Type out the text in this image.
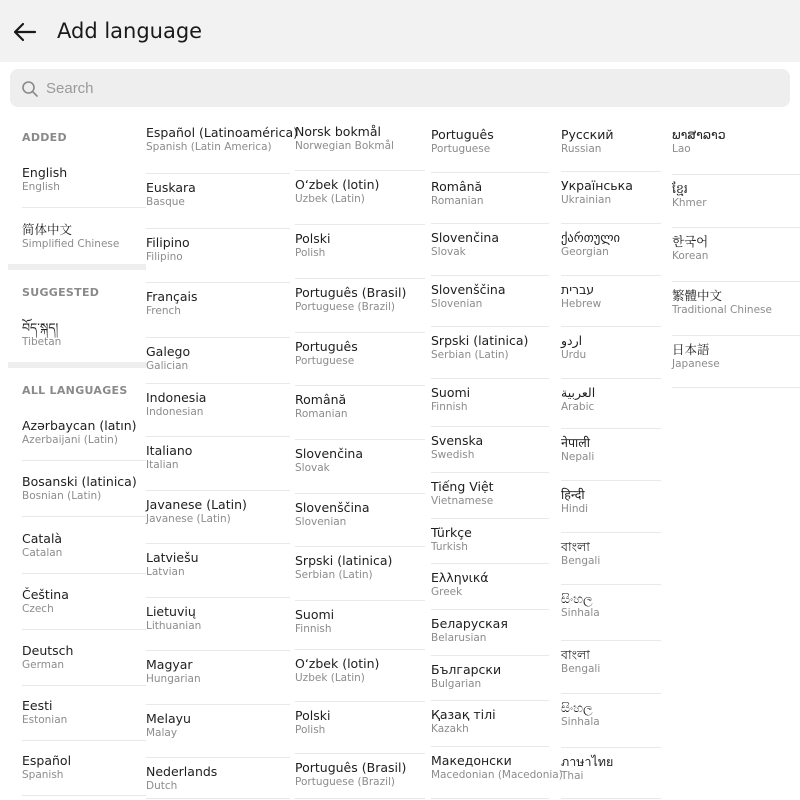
Add language
Search
ADDED
English
English
简体中文
Simplified Chinese
SUGGESTED
བོད་སྐད།
Tibetan
ALL LANGUAGES
Azərbaycan (latın)
Azerbaijani (Latin)
Bosanski (latinica)
Bosnian (Latin)
Català
Catalan
Čeština
Czech
Deutsch
German
Eesti
Estonian
Español
Spanish
Español (Latinoamérica)
Spanish (Latin America)
Euskara
Basque
Filipino
Filipino
Français
French
Galego
Galician
Indonesia
Indonesian
Italiano
Italian
Javanese (Latin)
Javanese (Latin)
Latviešu
Latvian
Lietuvių
Lithuanian
Magyar
Hungarian
Melayu
Malay
Nederlands
Dutch
Norsk bokmål
Norwegian Bokmål
O‘zbek (lotin)
Uzbek (Latin)
Polski
Polish
Português (Brasil)
Portuguese (Brazil)
Português
Portuguese
Română
Romanian
Slovenčina
Slovak
Slovenščina
Slovenian
Srpski (latinica)
Serbian (Latin)
Suomi
Finnish
O‘zbek (lotin)
Uzbek (Latin)
Polski
Polish
Português (Brasil)
Portuguese (Brazil)
Português
Portuguese
Română
Romanian
Slovenčina
Slovak
Slovenščina
Slovenian
Srpski (latinica)
Serbian (Latin)
Suomi
Finnish
Svenska
Swedish
Tiếng Việt
Vietnamese
Türkçe
Turkish
Ελληνικά
Greek
Беларуская
Belarusian
Български
Bulgarian
Қазақ тілі
Kazakh
Македонски
Macedonian (Macedonia)
Русский
Russian
Українська
Ukrainian
ქართული
Georgian
עברית
Hebrew
اردو
Urdu
العربية
Arabic
नेपाली
Nepali
हिन्दी
Hindi
বাংলা
Bengali
සිංහල
Sinhala
বাংলা
Bengali
සිංහල
Sinhala
ภาษาไทย
Thai
ພາສາລາວ
Lao
ខ្មែរ
Khmer
한국어
Korean
繁體中文
Traditional Chinese
日本語
Japanese
